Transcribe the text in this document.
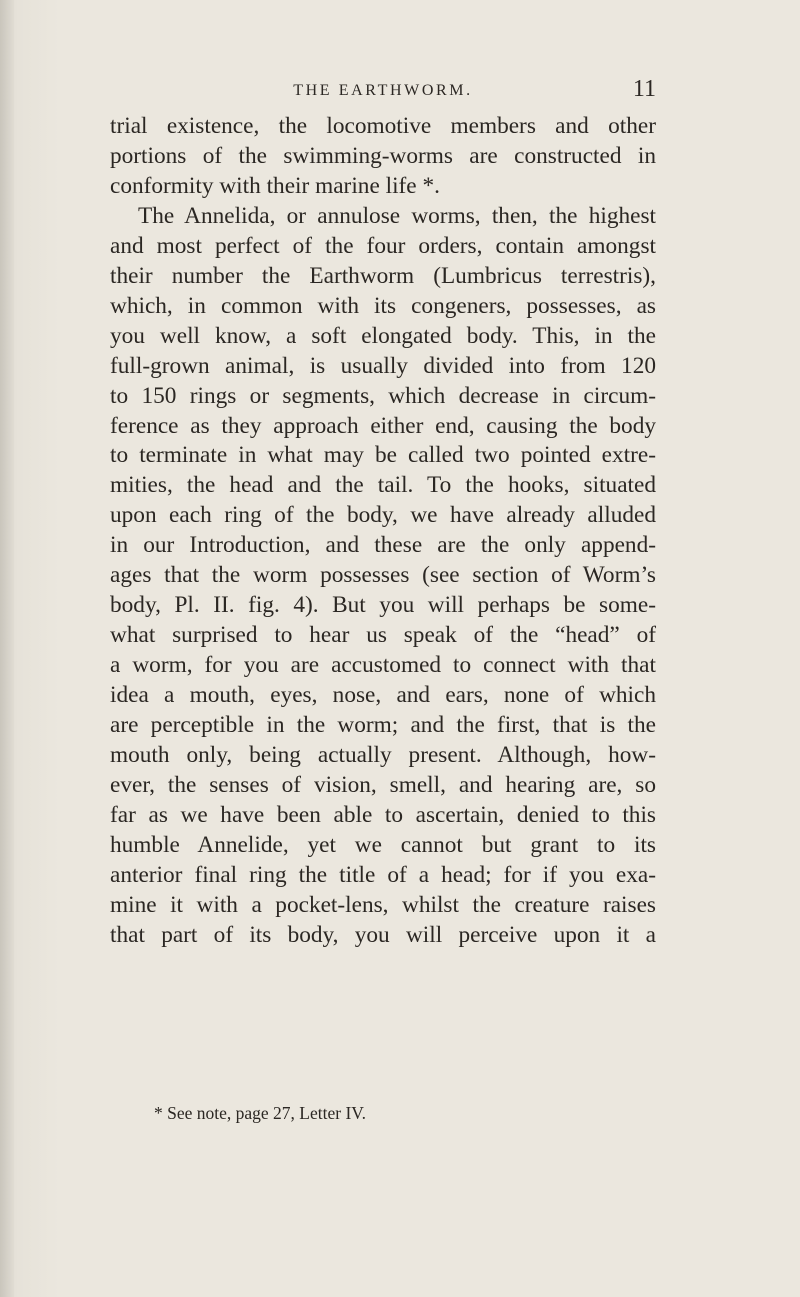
THE EARTHWORM.	11
trial existence, the locomotive members and other
portions of the swimming-worms are constructed in
conformity with their marine life *.
The Annelida, or annulose worms, then, the highest
and most perfect of the four orders, contain amongst
their number the Earthworm (Lumbricus terrestris),
which, in common with its congeners, possesses, as
you well know, a soft elongated body. This, in the
full-grown animal, is usually divided into from 120
to 150 rings or segments, which decrease in circum-
ference as they approach either end, causing the body
to terminate in what may be called two pointed extre-
mities, the head and the tail. To the hooks, situated
upon each ring of the body, we have already alluded
in our Introduction, and these are the only append-
ages that the worm possesses (see section of Worm’s
body, Pl. II. fig. 4). But you will perhaps be some-
what surprised to hear us speak of the “head” of
a worm, for you are accustomed to connect with that
idea a mouth, eyes, nose, and ears, none of which
are perceptible in the worm; and the first, that is the
mouth only, being actually present. Although, how-
ever, the senses of vision, smell, and hearing are, so
far as we have been able to ascertain, denied to this
humble Annelide, yet we cannot but grant to its
anterior final ring the title of a head; for if you exa-
mine it with a pocket-lens, whilst the creature raises
that part of its body, you will perceive upon it a
* See note, page 27, Letter IV.
